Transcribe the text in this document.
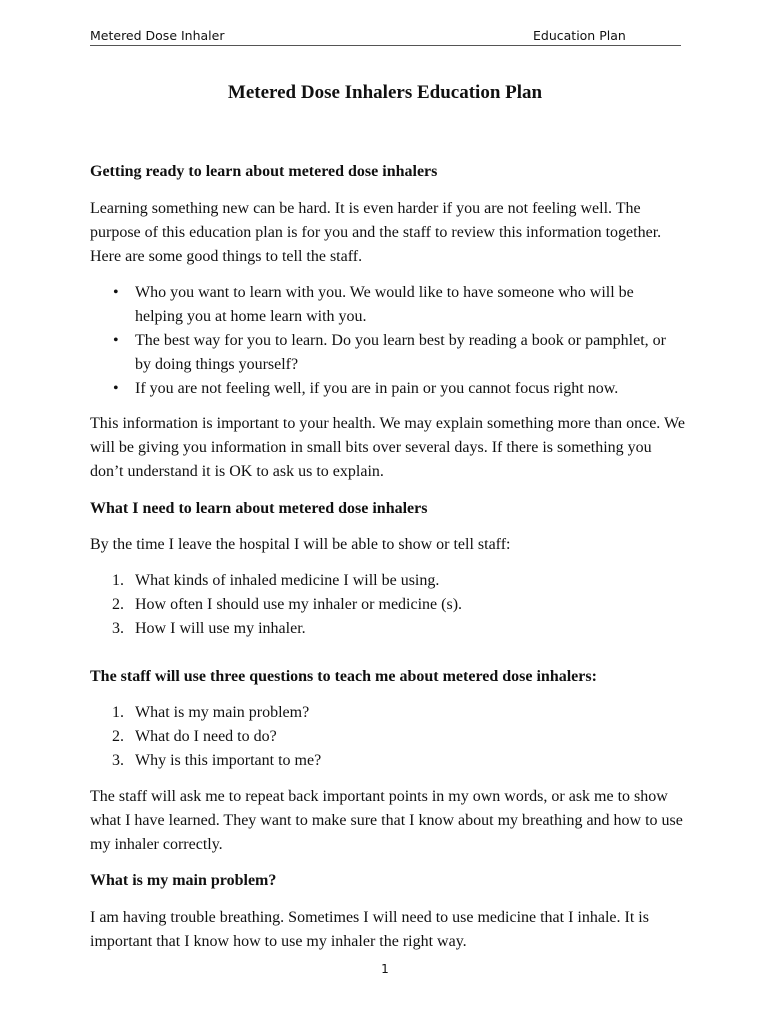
Metered Dose Inhaler	Education Plan
Metered Dose Inhalers Education Plan
Getting ready to learn about metered dose inhalers

Learning something new can be hard. It is even harder if you are not feeling well. The purpose of this education plan is for you and the staff to review this information together. Here are some good things to tell the staff.

• Who you want to learn with you. We would like to have someone who will be helping you at home learn with you.
• The best way for you to learn. Do you learn best by reading a book or pamphlet, or by doing things yourself?
• If you are not feeling well, if you are in pain or you cannot focus right now.

This information is important to your health. We may explain something more than once. We will be giving you information in small bits over several days. If there is something you don’t understand it is OK to ask us to explain.

What I need to learn about metered dose inhalers

By the time I leave the hospital I will be able to show or tell staff:

1. What kinds of inhaled medicine I will be using.
2. How often I should use my inhaler or medicine (s).
3. How I will use my inhaler.
The staff will use three questions to teach me about metered dose inhalers:
1. What is my main problem?
2. What do I need to do?
3. Why is this important to me?

The staff will ask me to repeat back important points in my own words, or ask me to show what I have learned. They want to make sure that I know about my breathing and how to use my inhaler correctly.

What is my main problem?

I am having trouble breathing. Sometimes I will need to use medicine that I inhale. It is important that I know how to use my inhaler the right way.

1
